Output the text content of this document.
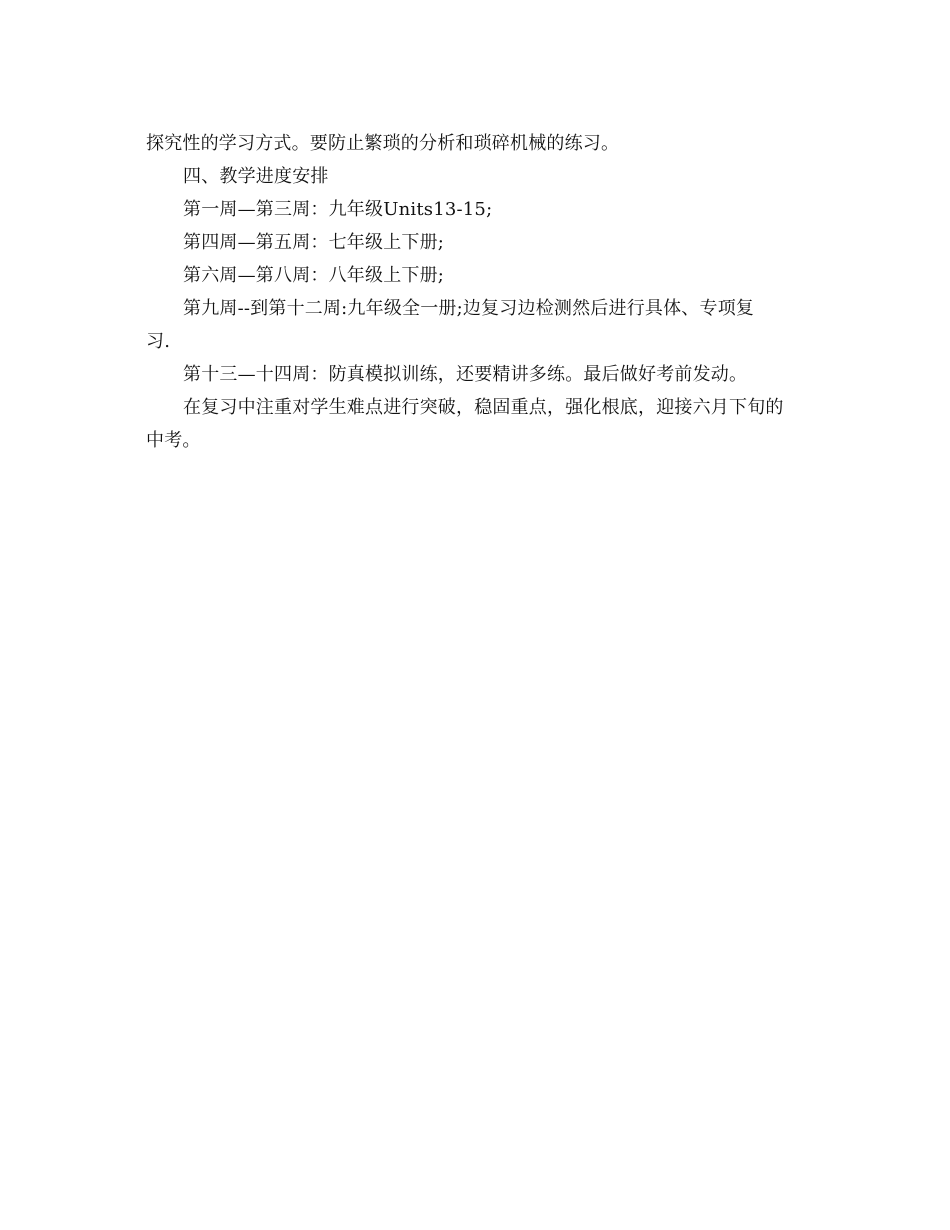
探究性的学习方式。要防止繁琐的分析和琐碎机械的练习。
四、教学进度安排
第一周—第三周：九年级Units13-15;
第四周—第五周：七年级上下册;
第六周—第八周：八年级上下册;
第九周--到第十二周:九年级全一册;边复习边检测然后进行具体、专项复
习.
第十三—十四周：防真模拟训练，还要精讲多练。最后做好考前发动。
在复习中注重对学生难点进行突破，稳固重点，强化根底，迎接六月下旬的
中考。
